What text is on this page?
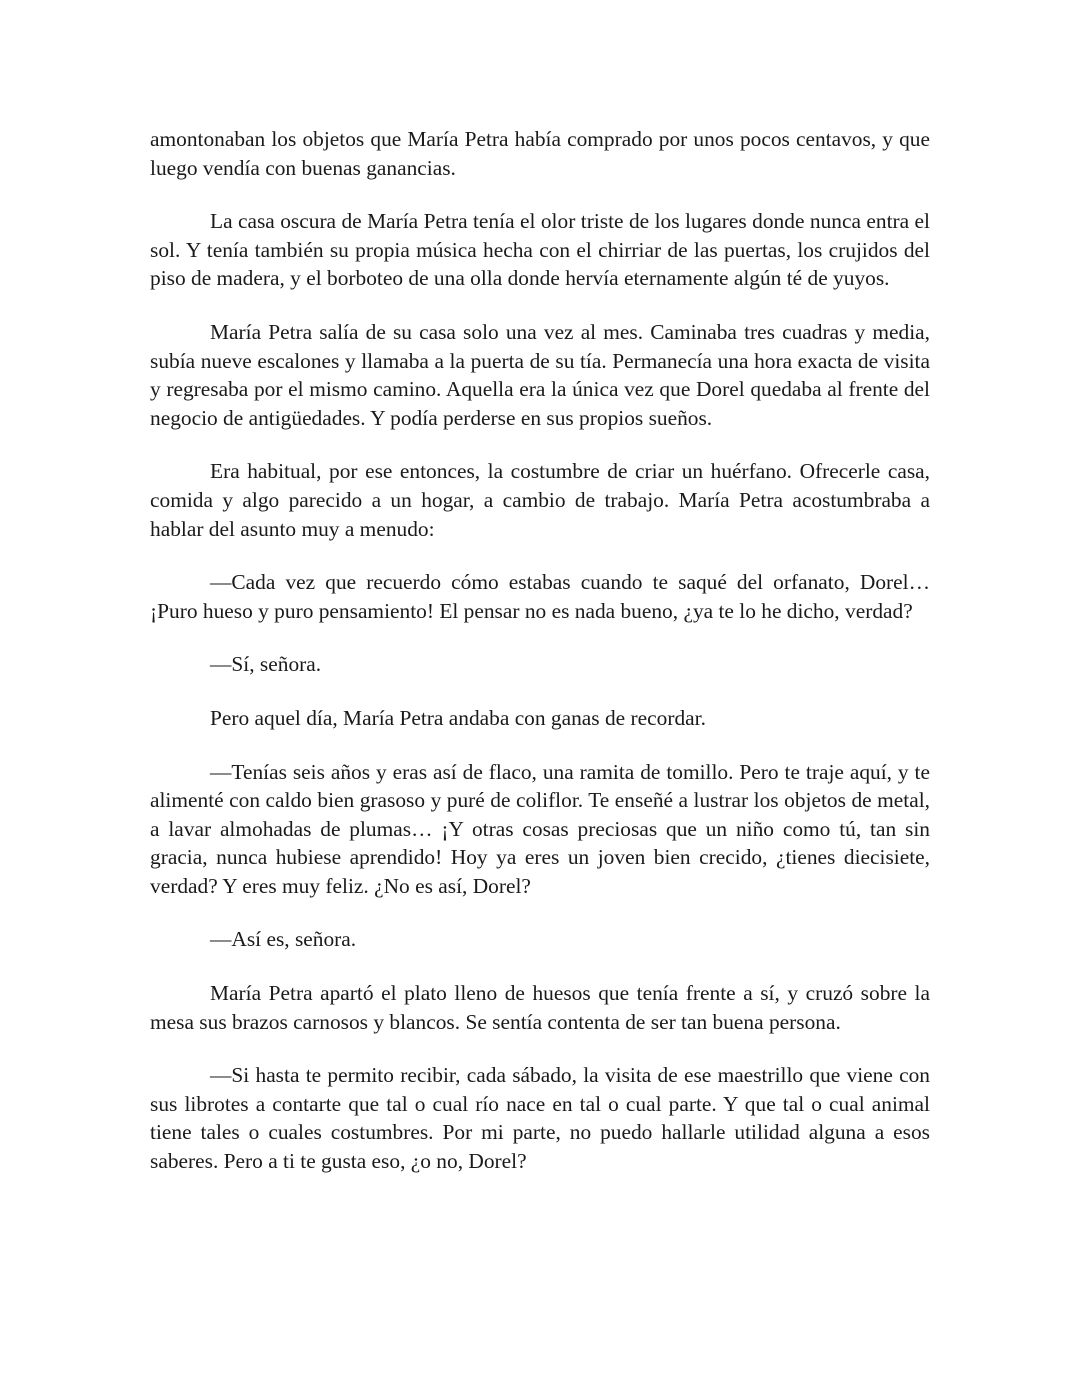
amontonaban los objetos que María Petra había comprado por unos pocos centavos, y que luego vendía con buenas ganancias.

La casa oscura de María Petra tenía el olor triste de los lugares donde nunca entra el sol. Y tenía también su propia música hecha con el chirriar de las puertas, los crujidos del piso de madera, y el borboteo de una olla donde hervía eternamente algún té de yuyos.

María Petra salía de su casa solo una vez al mes. Caminaba tres cuadras y media, subía nueve escalones y llamaba a la puerta de su tía. Permanecía una hora exacta de visita y regresaba por el mismo camino. Aquella era la única vez que Dorel quedaba al frente del negocio de antigüedades. Y podía perderse en sus propios sueños.

Era habitual, por ese entonces, la costumbre de criar un huérfano. Ofrecerle casa, comida y algo parecido a un hogar, a cambio de trabajo. María Petra acostumbraba a hablar del asunto muy a menudo:

—Cada vez que recuerdo cómo estabas cuando te saqué del orfanato, Dorel… ¡Puro hueso y puro pensamiento! El pensar no es nada bueno, ¿ya te lo he dicho, verdad?

—Sí, señora.

Pero aquel día, María Petra andaba con ganas de recordar.

—Tenías seis años y eras así de flaco, una ramita de tomillo. Pero te traje aquí, y te alimenté con caldo bien grasoso y puré de coliflor. Te enseñé a lustrar los objetos de metal, a lavar almohadas de plumas… ¡Y otras cosas preciosas que un niño como tú, tan sin gracia, nunca hubiese aprendido! Hoy ya eres un joven bien crecido, ¿tienes diecisiete, verdad? Y eres muy feliz. ¿No es así, Dorel?

—Así es, señora.

María Petra apartó el plato lleno de huesos que tenía frente a sí, y cruzó sobre la mesa sus brazos carnosos y blancos. Se sentía contenta de ser tan buena persona.

—Si hasta te permito recibir, cada sábado, la visita de ese maestrillo que viene con sus librotes a contarte que tal o cual río nace en tal o cual parte. Y que tal o cual animal tiene tales o cuales costumbres. Por mi parte, no puedo hallarle utilidad alguna a esos saberes. Pero a ti te gusta eso, ¿o no, Dorel?
